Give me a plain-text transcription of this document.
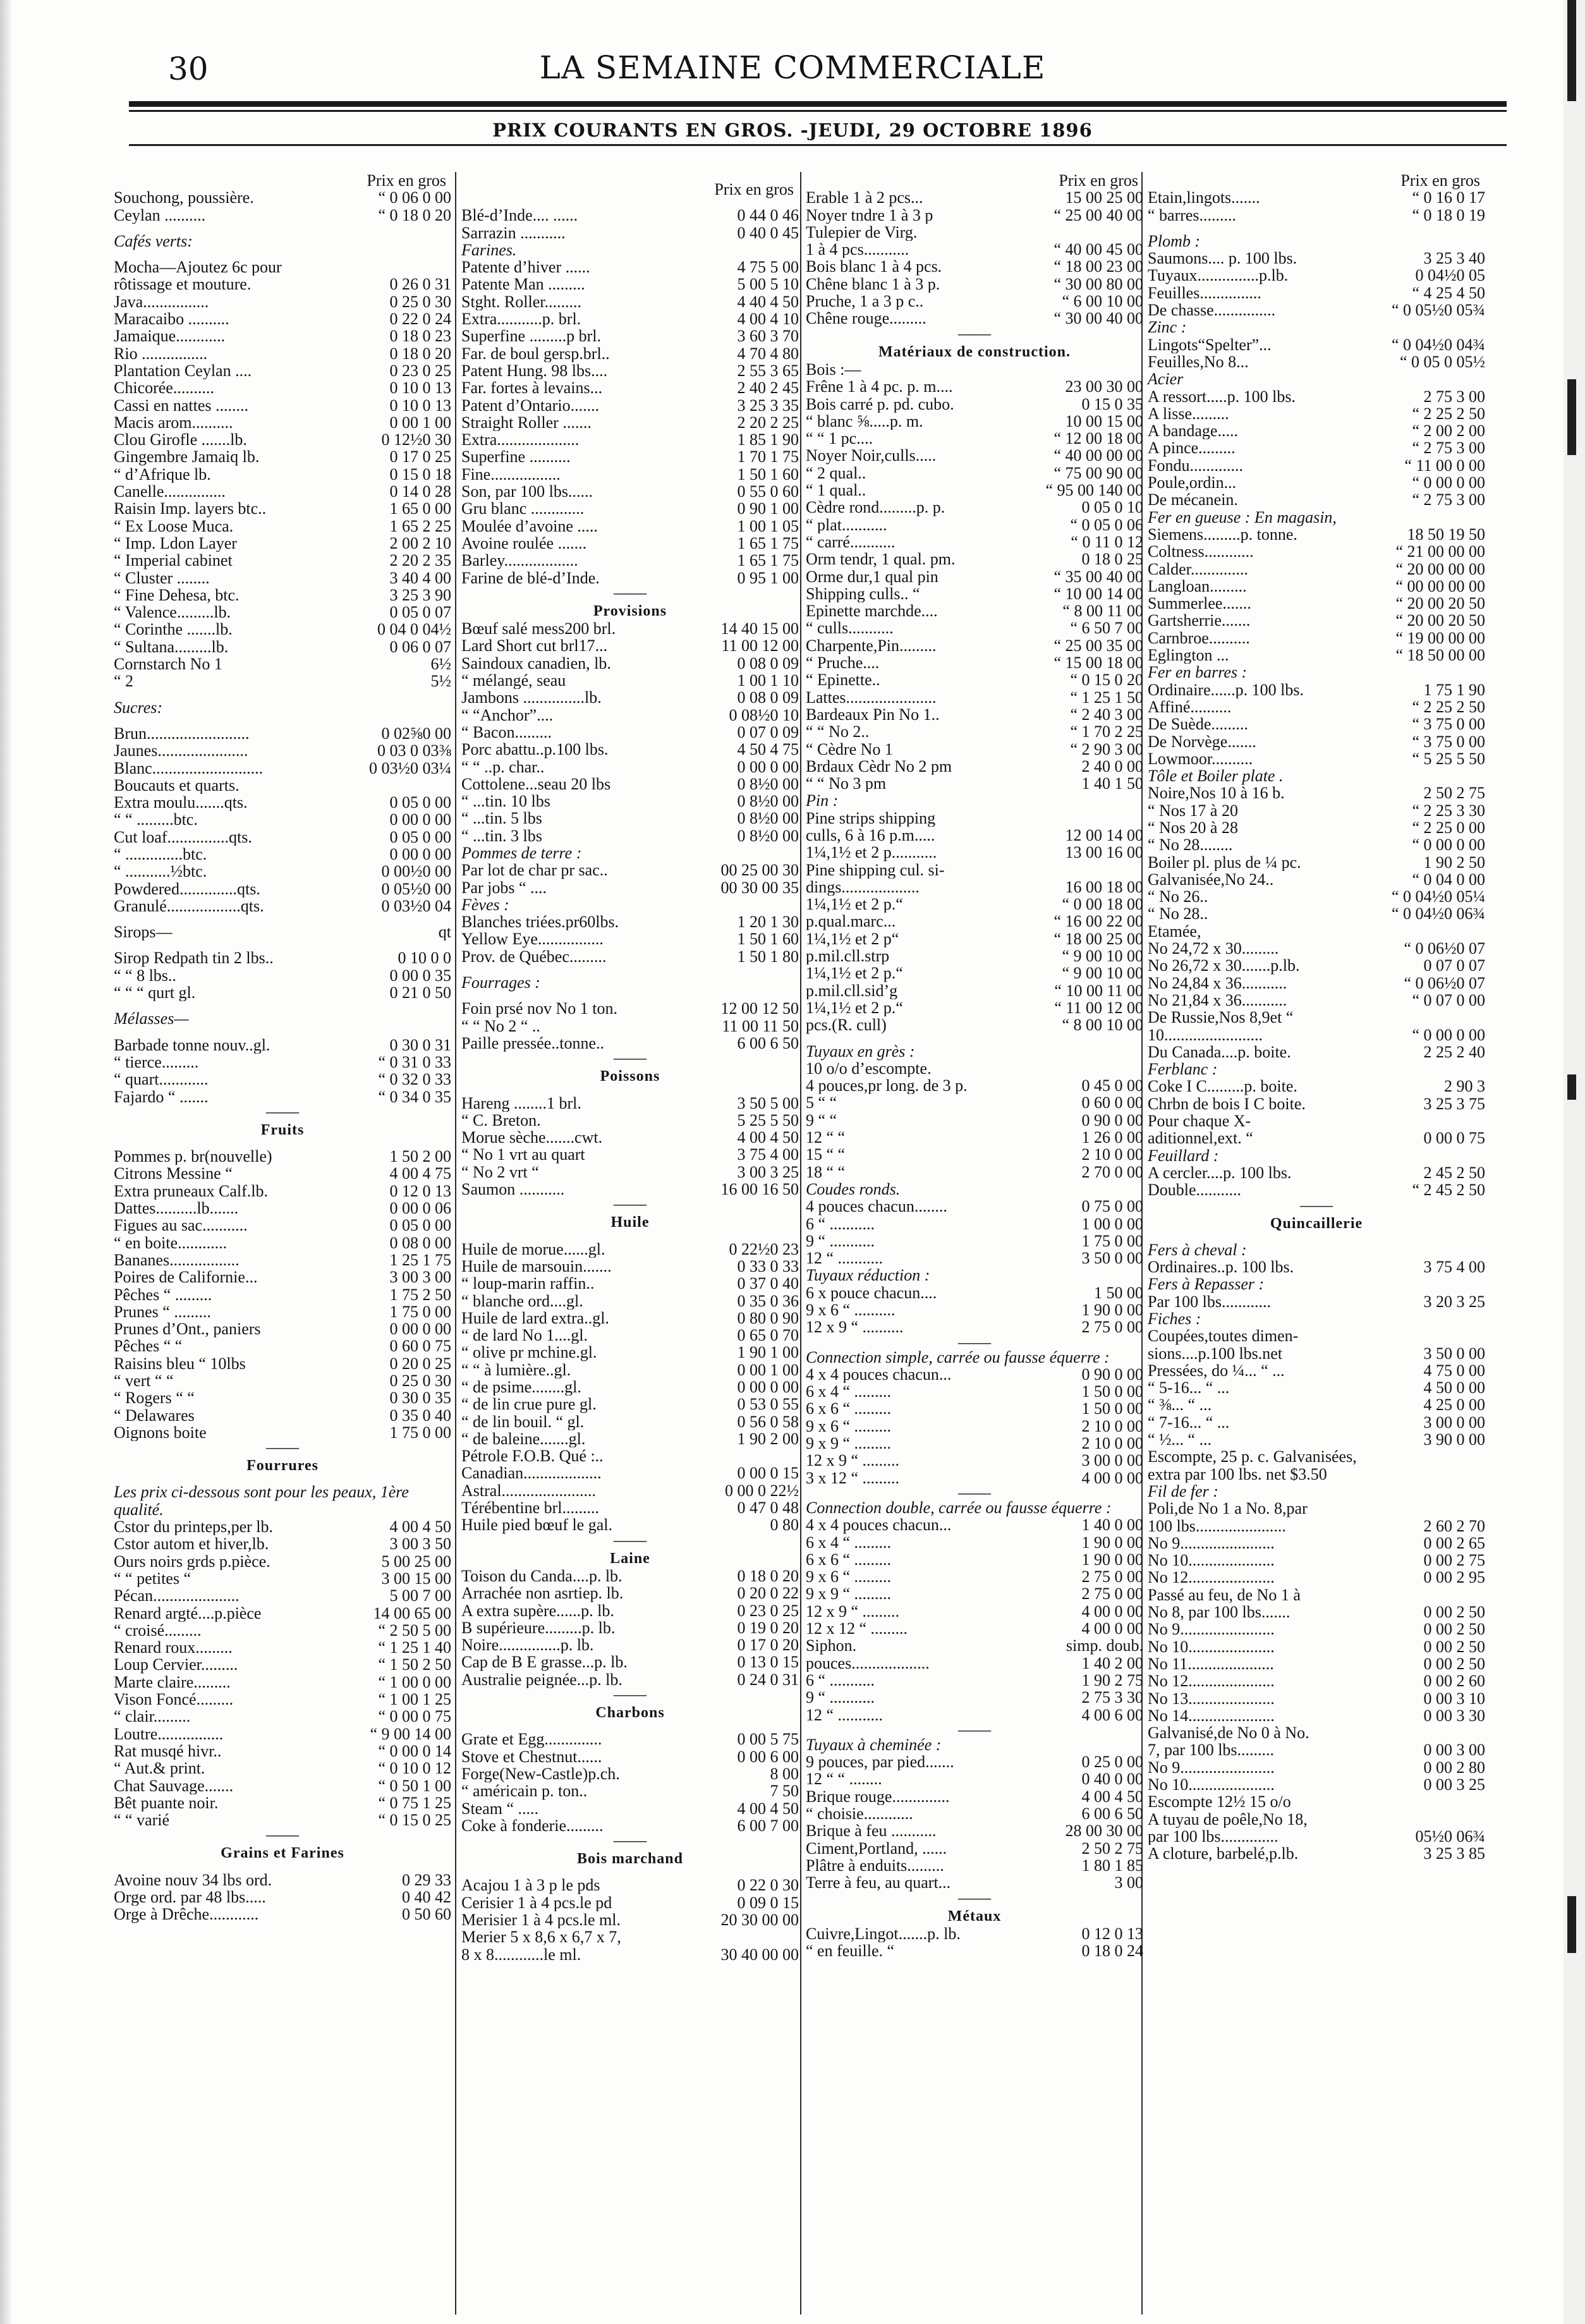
30	LA SEMAINE COMMERCIALE
PRIX COURANTS EN GROS. -JEUDI, 29 OCTOBRE 1896
Prix en gros
Souchong, poussière.	“ 0 06 0 00
Ceylan ..........	“ 0 18 0 20
Cafés verts:
Mocha—Ajoutez 6c pour
rôtissage et mouture.	0 26 0 31
Java................	0 25 0 30
Maracaibo ..........	0 22 0 24
Jamaique............	0 18 0 23
Rio ................	0 18 0 20
Plantation Ceylan ....	0 23 0 25
Chicorée..........	0 10 0 13
Cassi en nattes ........	0 10 0 13
Macis arom..........	0 00 1 00
Clou Girofle .......lb.	0 12½0 30
Gingembre Jamaiq lb.	0 17 0 25
“ d’Afrique lb.	0 15 0 18
Canelle...............	0 14 0 28
Raisin Imp. layers btc..	1 65 0 00
“ Ex Loose Muca.	1 65 2 25
“ Imp. Ldon Layer	2 00 2 10
“ Imperial cabinet	2 20 2 35
“ Cluster ........	3 40 4 00
“ Fine Dehesa, btc.	3 25 3 90
“ Valence.........lb.	0 05 0 07
“ Corinthe .......lb.	0 04 0 04½
“ Sultana.........lb.	0 06 0 07
Cornstarch No 1	6½
“ 2	5½
Sucres:
Brun.........................	0 02⅝0 00
Jaunes......................	0 03 0 03⅜
Blanc...........................	0 03½0 03¼
Boucauts et quarts.
Extra moulu.......qts.	0 05 0 00
“ “ .........btc.	0 00 0 00
Cut loaf...............qts.	0 05 0 00
“ ..............btc.	0 00 0 00
“ ...........½btc.	0 00½0 00
Powdered..............qts.	0 05½0 00
Granulé..................qts.	0 03½0 04
Sirops—	qt
Sirop Redpath tin 2 lbs..	0 10 0 0
“ “ 8 lbs..	0 00 0 35
“ “ “ qurt gl.	0 21 0 50
Mélasses—
Barbade tonne nouv..gl.	0 30 0 31
“ tierce.........	“ 0 31 0 33
“ quart............	“ 0 32 0 33
Fajardo “ .......	“ 0 34 0 35
——
Fruits
Pommes p. br(nouvelle)	1 50 2 00
Citrons Messine “	4 00 4 75
Extra pruneaux Calf.lb.	0 12 0 13
Dattes..........lb.......	0 00 0 06
Figues au sac...........	0 05 0 00
“ en boite............	0 08 0 00
Bananes.................	1 25 1 75
Poires de Californie...	3 00 3 00
Pêches “ .........	1 75 2 50
Prunes “ .........	1 75 0 00
Prunes d’Ont., paniers	0 00 0 00
Pêches “ “	0 60 0 75
Raisins bleu “ 10lbs	0 20 0 25
“ vert “ “	0 25 0 30
“ Rogers “ “	0 30 0 35
“ Delawares	0 35 0 40
Oignons boite	1 75 0 00
——
Fourrures
Les prix ci-dessous sont pour les peaux, 1ère qualité.
Cstor du printeps,per lb.	4 00 4 50
Cstor autom et hiver,lb.	3 00 3 50
Ours noirs grds p.pièce.	5 00 25 00
“ “ petites “	3 00 15 00
Pécan.....................	5 00 7 00
Renard argté....p.pièce	14 00 65 00
“ croisé.........	“ 2 50 5 00
Renard roux.........	“ 1 25 1 40
Loup Cervier.........	“ 1 50 2 50
Marte claire.........	“ 1 00 0 00
Vison Foncé.........	“ 1 00 1 25
“ clair.........	“ 0 00 0 75
Loutre................	“ 9 00 14 00
Rat musqé hivr..	“ 0 00 0 14
“ Aut.& print.	“ 0 10 0 12
Chat Sauvage.......	“ 0 50 1 00
Bêt puante noir.	“ 0 75 1 25
“ “ varié	“ 0 15 0 25
——
Grains et Farines
Avoine nouv 34 lbs ord.	0 29 33
Orge ord. par 48 lbs.....	0 40 42
Orge à Drêche............	0 50 60
Prix en gros
Blé-d’Inde.... ......	0 44 0 46
Sarrazin ...........	0 40 0 45
Farines.
Patente d’hiver ......	4 75 5 00
Patente Man .........	5 00 5 10
Stght. Roller.........	4 40 4 50
Extra...........p. brl.	4 00 4 10
Superfine .........p brl.	3 60 3 70
Far. de boul gersp.brl..	4 70 4 80
Patent Hung. 98 lbs....	2 55 3 65
Far. fortes à levains...	2 40 2 45
Patent d’Ontario.......	3 25 3 35
Straight Roller .......	2 20 2 25
Extra....................	1 85 1 90
Superfine ..........	1 70 1 75
Fine.................	1 50 1 60
Son, par 100 lbs......	0 55 0 60
Gru blanc .............	0 90 1 00
Moulée d’avoine .....	1 00 1 05
Avoine roulée .......	1 65 1 75
Barley..................	1 65 1 75
Farine de blé-d’Inde.	0 95 1 00
——
Provisions
Bœuf salé mess200 brl.	14 40 15 00
Lard Short cut brl17...	11 00 12 00
Saindoux canadien, lb.	0 08 0 09
“ mélangé, seau	1 00 1 10
Jambons ...............lb.	0 08 0 09
“ “Anchor”....	0 08½0 10
“ Bacon.........	0 07 0 09
Porc abattu..p.100 lbs.	4 50 4 75
“ “ ..p. char..	0 00 0 00
Cottolene...seau 20 lbs	0 8½0 00
“ ...tin. 10 lbs	0 8½0 00
“ ...tin. 5 lbs	0 8½0 00
“ ...tin. 3 lbs	0 8½0 00
Pommes de terre :
Par lot de char pr sac..	00 25 00 30
Par jobs “ ....	00 30 00 35
Fèves :
Blanches triées.pr60lbs.	1 20 1 30
Yellow Eye................	1 50 1 60
Prov. de Québec.........	1 50 1 80
Fourrages :
Foin prsé nov No 1 ton.	12 00 12 50
“ “ No 2 “ ..	11 00 11 50
Paille pressée..tonne..	6 00 6 50
——
Poissons
Hareng ........1 brl.	3 50 5 00
“ C. Breton.	5 25 5 50
Morue sèche.......cwt.	4 00 4 50
“ No 1 vrt au quart	3 75 4 00
“ No 2 vrt “	3 00 3 25
Saumon ...........	16 00 16 50
——
Huile
Huile de morue......gl.	0 22½0 23
Huile de marsouin.......	0 33 0 33
“ loup-marin raffin..	0 37 0 40
“ blanche ord....gl.	0 35 0 36
Huile de lard extra..gl.	0 80 0 90
“ de lard No 1....gl.	0 65 0 70
“ olive pr mchine.gl.	1 90 1 00
“ “ à lumière..gl.	0 00 1 00
“ de psime........gl.	0 00 0 00
“ de lin crue pure gl.	0 53 0 55
“ de lin bouil. “ gl.	0 56 0 58
“ de baleine.......gl.	1 90 2 00
Pétrole F.O.B. Qué :..
Canadian...................	0 00 0 15
Astral.......................	0 00 0 22½
Térébentine brl.........	0 47 0 48
Huile pied bœuf le gal.	0 80
——
Laine
Toison du Canda....p. lb.	0 18 0 20
Arrachée non asrtiep. lb.	0 20 0 22
A extra supère......p. lb.	0 23 0 25
B supérieure.........p. lb.	0 19 0 20
Noire...............p. lb.	0 17 0 20
Cap de B E grasse...p. lb.	0 13 0 15
Australie peignée...p. lb.	0 24 0 31
——
Charbons
Grate et Egg..............	0 00 5 75
Stove et Chestnut......	0 00 6 00
Forge(New-Castle)p.ch.	8 00
“ américain p. ton..	7 50
Steam “ .....	4 00 4 50
Coke à fonderie.........	6 00 7 00
——
Bois marchand
Acajou 1 à 3 p le pds	0 22 0 30
Cerisier 1 à 4 pcs.le pd	0 09 0 15
Merisier 1 à 4 pcs.le ml.	20 30 00 00
Merier 5 x 8,6 x 6,7 x 7,
8 x 8............le ml.	30 40 00 00
Prix en gros
Erable 1 à 2 pcs...	15 00 25 00
Noyer tndre 1 à 3 p	“ 25 00 40 00
Tulepier de Virg.
1 à 4 pcs...........	“ 40 00 45 00
Bois blanc 1 à 4 pcs.	“ 18 00 23 00
Chêne blanc 1 à 3 p.	“ 30 00 80 00
Pruche, 1 a 3 p c..	“ 6 00 10 00
Chêne rouge.........	“ 30 00 40 00
——
Matériaux de construction.
Bois :—
Frêne 1 à 4 pc. p. m....	23 00 30 00
Bois carré p. pd. cubo.	0 15 0 35
“ blanc ⅝.....p. m.	10 00 15 00
“ “ 1 pc....	“ 12 00 18 00
Noyer Noir,culls.....	“ 40 00 00 00
“ 2 qual..	“ 75 00 90 00
“ 1 qual..	“ 95 00 140 00
Cèdre rond.........p. p.	0 05 0 10
“ plat...........	“ 0 05 0 06
“ carré...........	“ 0 11 0 12
Orm tendr, 1 qual. pm.	0 18 0 25
Orme dur,1 qual pin	“ 35 00 40 00
Shipping culls.. “	“ 10 00 14 00
Epinette marchde....	“ 8 00 11 00
“ culls...........	“ 6 50 7 00
Charpente,Pin.........	“ 25 00 35 00
“ Pruche....	“ 15 00 18 00
“ Epinette..	“ 0 15 0 20
Lattes......................	“ 1 25 1 50
Bardeaux Pin No 1..	“ 2 40 3 00
“ “ No 2..	“ 1 70 2 25
“ Cèdre No 1	“ 2 90 3 00
Brdaux Cèdr No 2 pm	2 40 0 00
“ “ No 3 pm	1 40 1 50
Pin :
Pine strips shipping
culls, 6 à 16 p.m.....	12 00 14 00
1¼,1½ et 2 p...........	13 00 16 00
Pine shipping cul. si-
dings...................	16 00 18 00
1¼,1½ et 2 p.“	“ 0 00 18 00
p.qual.marc...	“ 16 00 22 00
1¼,1½ et 2 p“	“ 18 00 25 00
p.mil.cll.strp	“ 9 00 10 00
1¼,1½ et 2 p.“	“ 9 00 10 00
p.mil.cll.sid’g	“ 10 00 11 00
1¼,1½ et 2 p.“	“ 11 00 12 00
pcs.(R. cull)	“ 8 00 10 00
Tuyaux en grès :
10 o/o d’escompte.
4 pouces,pr long. de 3 p.	0 45 0 00
5 “ “	0 60 0 00
9 “ “	0 90 0 00
12 “ “	1 26 0 00
15 “ “	2 10 0 00
18 “ “	2 70 0 00
Coudes ronds.
4 pouces chacun........	0 75 0 00
6 “ ...........	1 00 0 00
9 “ ...........	1 75 0 00
12 “ ...........	3 50 0 00
Tuyaux réduction :
6 x pouce chacun....	1 50 00
9 x 6 “ ..........	1 90 0 00
12 x 9 “ ..........	2 75 0 00
——
Connection simple, carrée ou fausse équerre :
4 x 4 pouces chacun...	0 90 0 00
6 x 4 “ .........	1 50 0 00
6 x 6 “ .........	1 50 0 00
9 x 6 “ .........	2 10 0 00
9 x 9 “ .........	2 10 0 00
12 x 9 “ .........	3 00 0 00
3 x 12 “ .........	4 00 0 00
——
Connection double, carrée ou fausse équerre :
4 x 4 pouces chacun...	1 40 0 00
6 x 4 “ .........	1 90 0 00
6 x 6 “ .........	1 90 0 00
9 x 6 “ .........	2 75 0 00
9 x 9 “ .........	2 75 0 00
12 x 9 “ .........	4 00 0 00
12 x 12 “ .........	4 00 0 00
Siphon.	simp. doub.
pouces...................	1 40 2 00
6 “ ...........	1 90 2 75
9 “ ...........	2 75 3 30
12 “ ...........	4 00 6 00
——
Tuyaux à cheminée :
9 pouces, par pied.......	0 25 0 00
12 “ “ ........	0 40 0 00
Brique rouge..............	4 00 4 50
“ choisie............	6 00 6 50
Brique à feu ...........	28 00 30 00
Ciment,Portland, ......	2 50 2 75
Plâtre à enduits.........	1 80 1 85
Terre à feu, au quart...	3 00
——
Métaux
Cuivre,Lingot.......p. lb.	0 12 0 13
“ en feuille. “	0 18 0 24
Prix en gros
Etain,lingots.......	“ 0 16 0 17
“ barres.........	“ 0 18 0 19
Plomb :
Saumons.... p. 100 lbs.	3 25 3 40
Tuyaux...............p.lb.	0 04½0 05
Feuilles...............	“ 4 25 4 50
De chasse...............	“ 0 05½0 05¾
Zinc :
Lingots“Spelter”...	“ 0 04½0 04¾
Feuilles,No 8...	“ 0 05 0 05½
Acier
A ressort.....p. 100 lbs.	2 75 3 00
A lisse.........	“ 2 25 2 50
A bandage.....	“ 2 00 2 00
A pince.........	“ 2 75 3 00
Fondu.............	“ 11 00 0 00
Poule,ordin...	“ 0 00 0 00
De mécanein.	“ 2 75 3 00
Fer en gueuse : En magasin,
Siemens.........p. tonne.	18 50 19 50
Coltness............	“ 21 00 00 00
Calder..............	“ 20 00 00 00
Langloan.........	“ 00 00 00 00
Summerlee.......	“ 20 00 20 50
Gartsherrie.......	“ 20 00 20 50
Carnbroe..........	“ 19 00 00 00
Eglington ...	“ 18 50 00 00
Fer en barres :
Ordinaire......p. 100 lbs.	1 75 1 90
Affiné..........	“ 2 25 2 50
De Suède.........	“ 3 75 0 00
De Norvège.......	“ 3 75 0 00
Lowmoor..........	“ 5 25 5 50
Tôle et Boiler plate .
Noire,Nos 10 à 16 b.	2 50 2 75
“ Nos 17 à 20	“ 2 25 3 30
“ Nos 20 à 28	“ 2 25 0 00
“ No 28........	“ 0 00 0 00
Boiler pl. plus de ¼ pc.	1 90 2 50
Galvanisée,No 24..	“ 0 04 0 00
“ No 26..	“ 0 04½0 05¼
“ No 28..	“ 0 04½0 06¾
Etamée,
No 24,72 x 30.........	“ 0 06½0 07
No 26,72 x 30.......p.lb.	0 07 0 07
No 24,84 x 36...........	“ 0 06½0 07
No 21,84 x 36...........	“ 0 07 0 00
De Russie,Nos 8,9et “
10........................	“ 0 00 0 00
Du Canada....p. boite.	2 25 2 40
Ferblanc :
Coke I C.........p. boite.	2 90 3
Chrbn de bois I C boite.	3 25 3 75
Pour chaque X-
aditionnel,ext. “	0 00 0 75
Feuillard :
A cercler....p. 100 lbs.	2 45 2 50
Double...........	“ 2 45 2 50
——
Quincaillerie
Fers à cheval :
Ordinaires..p. 100 lbs.	3 75 4 00
Fers à Repasser :
Par 100 lbs............	3 20 3 25
Fiches :
Coupées,toutes dimen-
sions....p.100 lbs.net	3 50 0 00
Pressées, do ¼... “ ...	4 75 0 00
“ 5-16... “ ...	4 50 0 00
“ ⅜... “ ...	4 25 0 00
“ 7-16... “ ...	3 00 0 00
“ ½... “ ...	3 90 0 00
Escompte, 25 p. c. Galvanisées,
extra par 100 lbs. net $3.50
Fil de fer :
Poli,de No 1 a No. 8,par
100 lbs......................	2 60 2 70
No 9.......................	0 00 2 65
No 10.....................	0 00 2 75
No 12.....................	0 00 2 95
Passé au feu, de No 1 à
No 8, par 100 lbs.......	0 00 2 50
No 9.......................	0 00 2 50
No 10.....................	0 00 2 50
No 11.....................	0 00 2 50
No 12.....................	0 00 2 60
No 13.....................	0 00 3 10
No 14.....................	0 00 3 30
Galvanisé,de No 0 à No.
7, par 100 lbs.........	0 00 3 00
No 9.......................	0 00 2 80
No 10.....................	0 00 3 25
Escompte 12½ 15 o/o
A tuyau de poêle,No 18,
par 100 lbs..............	05½0 06¾
A cloture, barbelé,p.lb.	3 25 3 85
